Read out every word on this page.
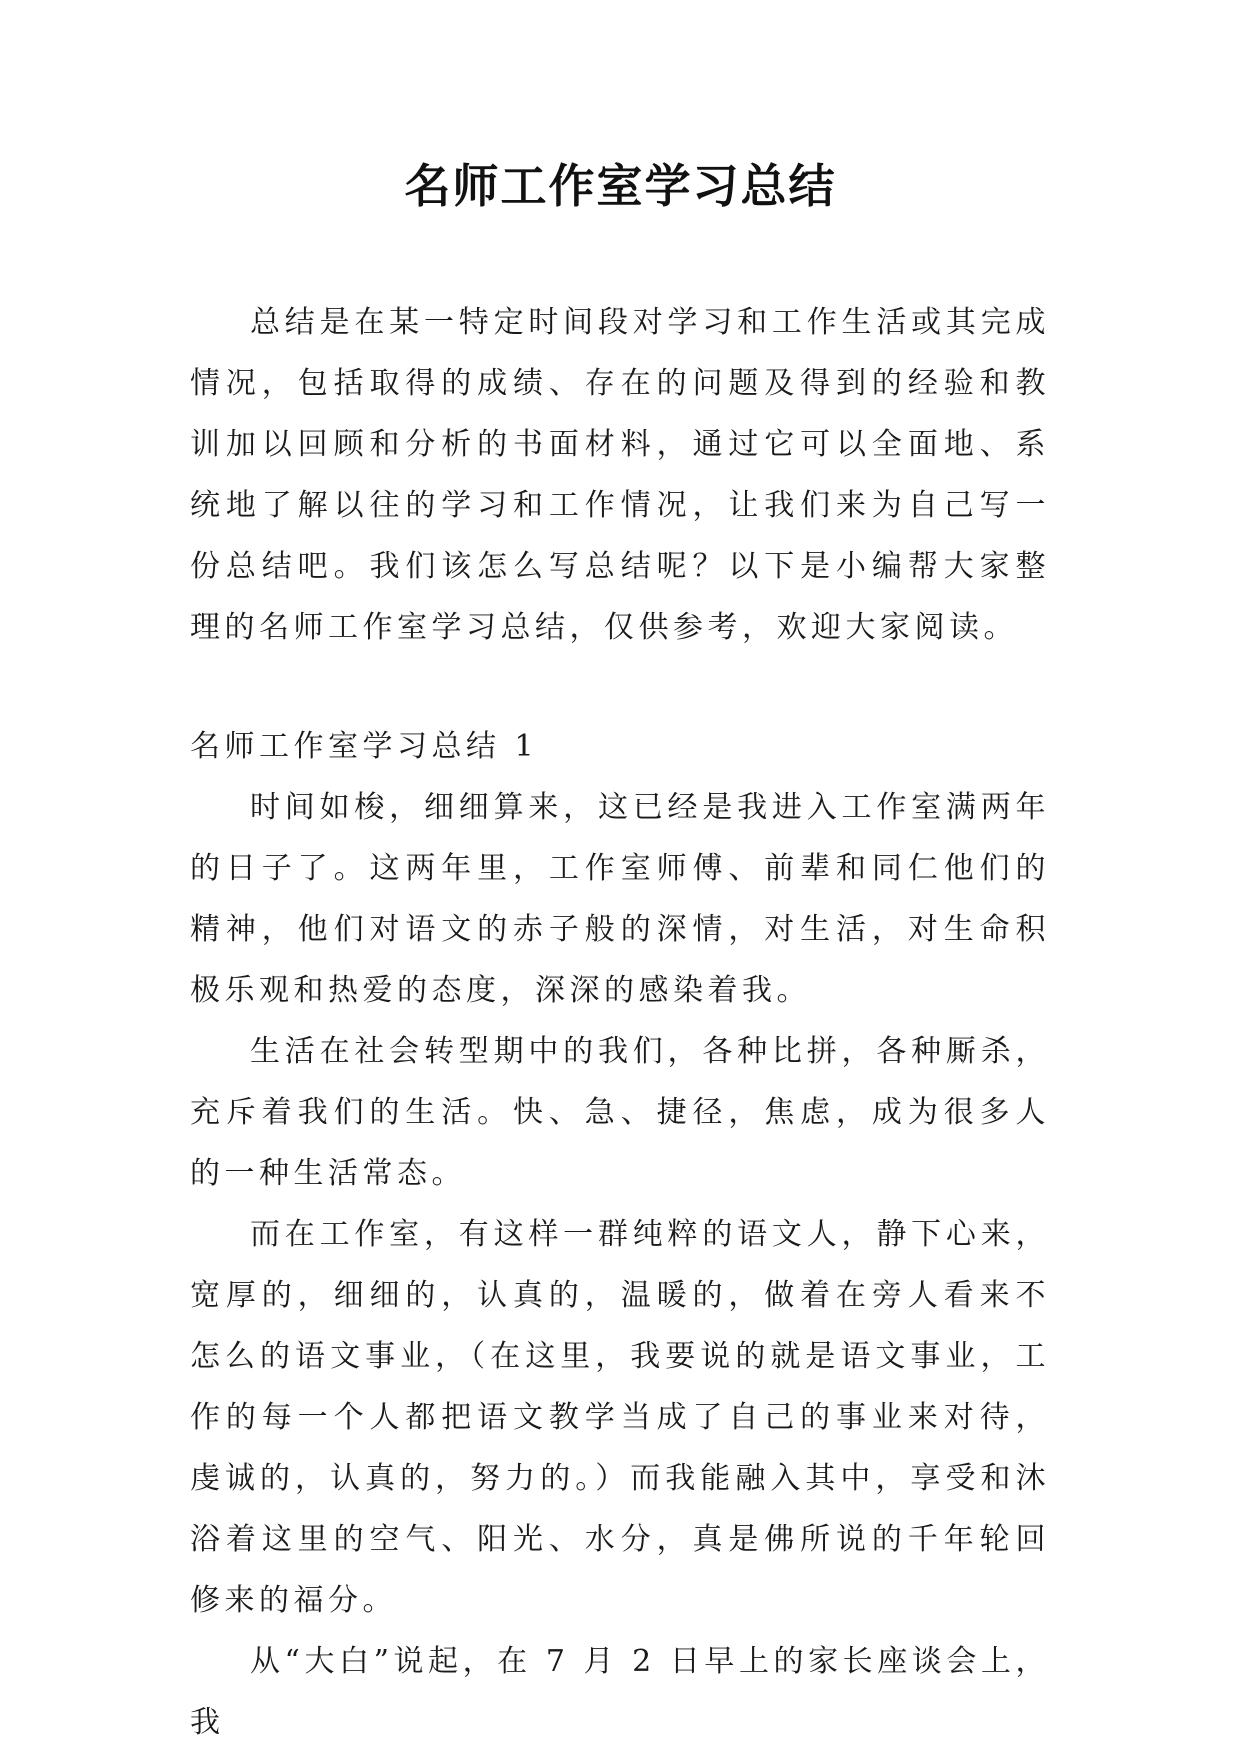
名师工作室学习总结

总结是在某一特定时间段对学习和工作生活或其完成情况，包括取得的成绩、存在的问题及得到的经验和教训加以回顾和分析的书面材料，通过它可以全面地、系统地了解以往的学习和工作情况，让我们来为自己写一份总结吧。我们该怎么写总结呢？以下是小编帮大家整理的名师工作室学习总结，仅供参考，欢迎大家阅读。

名师工作室学习总结 1

时间如梭，细细算来，这已经是我进入工作室满两年的日子了。这两年里，工作室师傅、前辈和同仁他们的精神，他们对语文的赤子般的深情，对生活，对生命积极乐观和热爱的态度，深深的感染着我。

生活在社会转型期中的我们，各种比拼，各种厮杀，充斥着我们的生活。快、急、捷径，焦虑，成为很多人的一种生活常态。

而在工作室，有这样一群纯粹的语文人，静下心来，宽厚的，细细的，认真的，温暖的，做着在旁人看来不怎么的语文事业，（在这里，我要说的就是语文事业，工作的每一个人都把语文教学当成了自己的事业来对待，虔诚的，认真的，努力的。）而我能融入其中，享受和沐浴着这里的空气、阳光、水分，真是佛所说的千年轮回修来的福分。

从“大白”说起，在 7 月 2 日早上的家长座谈会上，我
